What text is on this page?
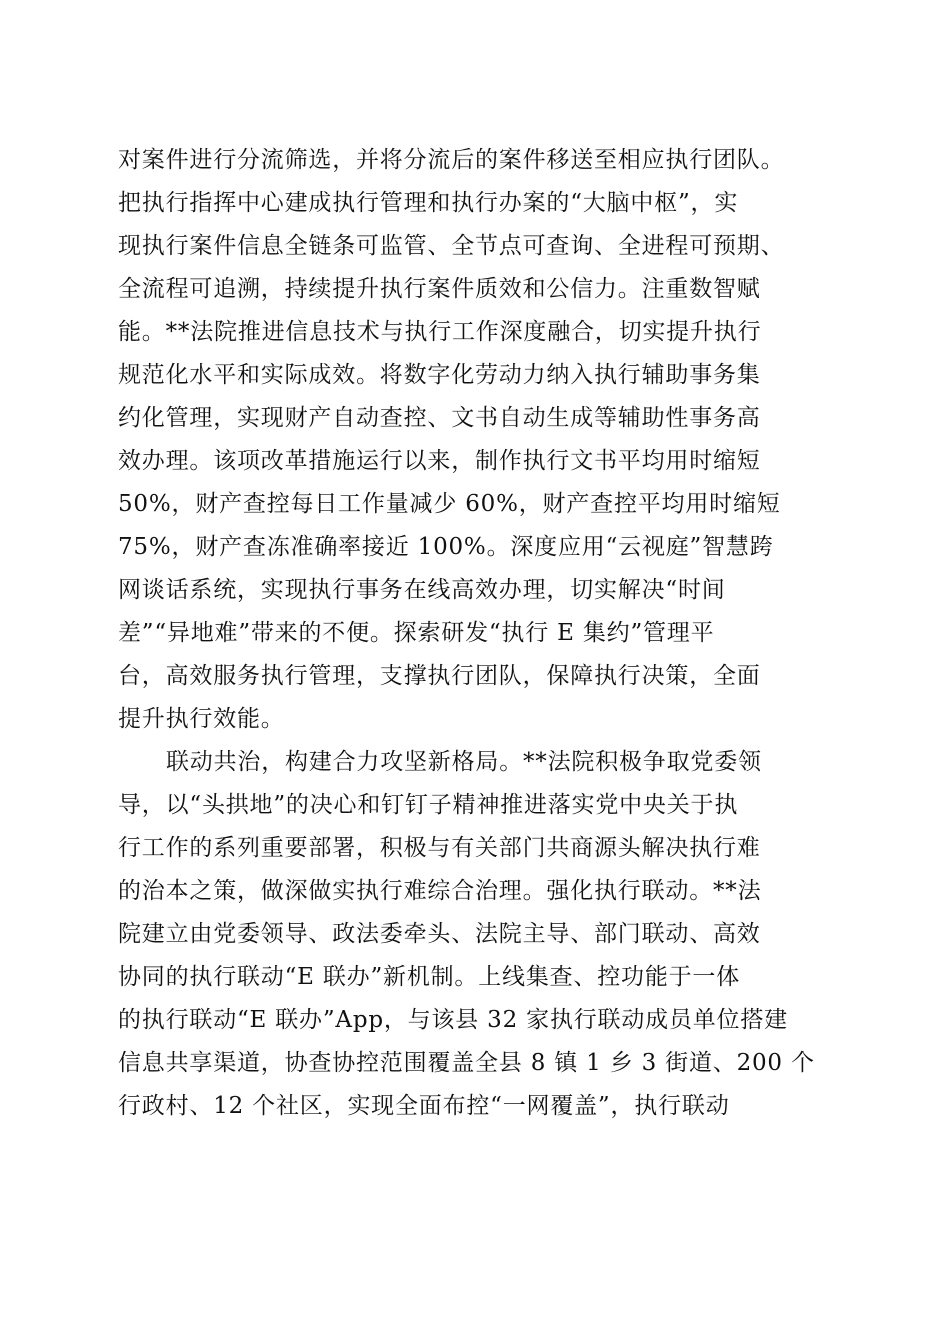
对案件进行分流筛选，并将分流后的案件移送至相应执行团队。
把执行指挥中心建成执行管理和执行办案的“大脑中枢”，实
现执行案件信息全链条可监管、全节点可查询、全进程可预期、
全流程可追溯，持续提升执行案件质效和公信力。注重数智赋
能。**法院推进信息技术与执行工作深度融合，切实提升执行
规范化水平和实际成效。将数字化劳动力纳入执行辅助事务集
约化管理，实现财产自动查控、文书自动生成等辅助性事务高
效办理。该项改革措施运行以来，制作执行文书平均用时缩短
50%，财产查控每日工作量减少 60%，财产查控平均用时缩短
75%，财产查冻准确率接近 100%。深度应用“云视庭”智慧跨
网谈话系统，实现执行事务在线高效办理，切实解决“时间
差”“异地难”带来的不便。探索研发“执行 E 集约”管理平
台，高效服务执行管理，支撑执行团队，保障执行决策，全面
提升执行效能。
联动共治，构建合力攻坚新格局。**法院积极争取党委领
导，以“头拱地”的决心和钉钉子精神推进落实党中央关于执
行工作的系列重要部署，积极与有关部门共商源头解决执行难
的治本之策，做深做实执行难综合治理。强化执行联动。**法
院建立由党委领导、政法委牵头、法院主导、部门联动、高效
协同的执行联动“E 联办”新机制。上线集查、控功能于一体
的执行联动“E 联办”App，与该县 32 家执行联动成员单位搭建
信息共享渠道，协查协控范围覆盖全县 8 镇 1 乡 3 街道、200 个
行政村、12 个社区，实现全面布控“一网覆盖”，执行联动
